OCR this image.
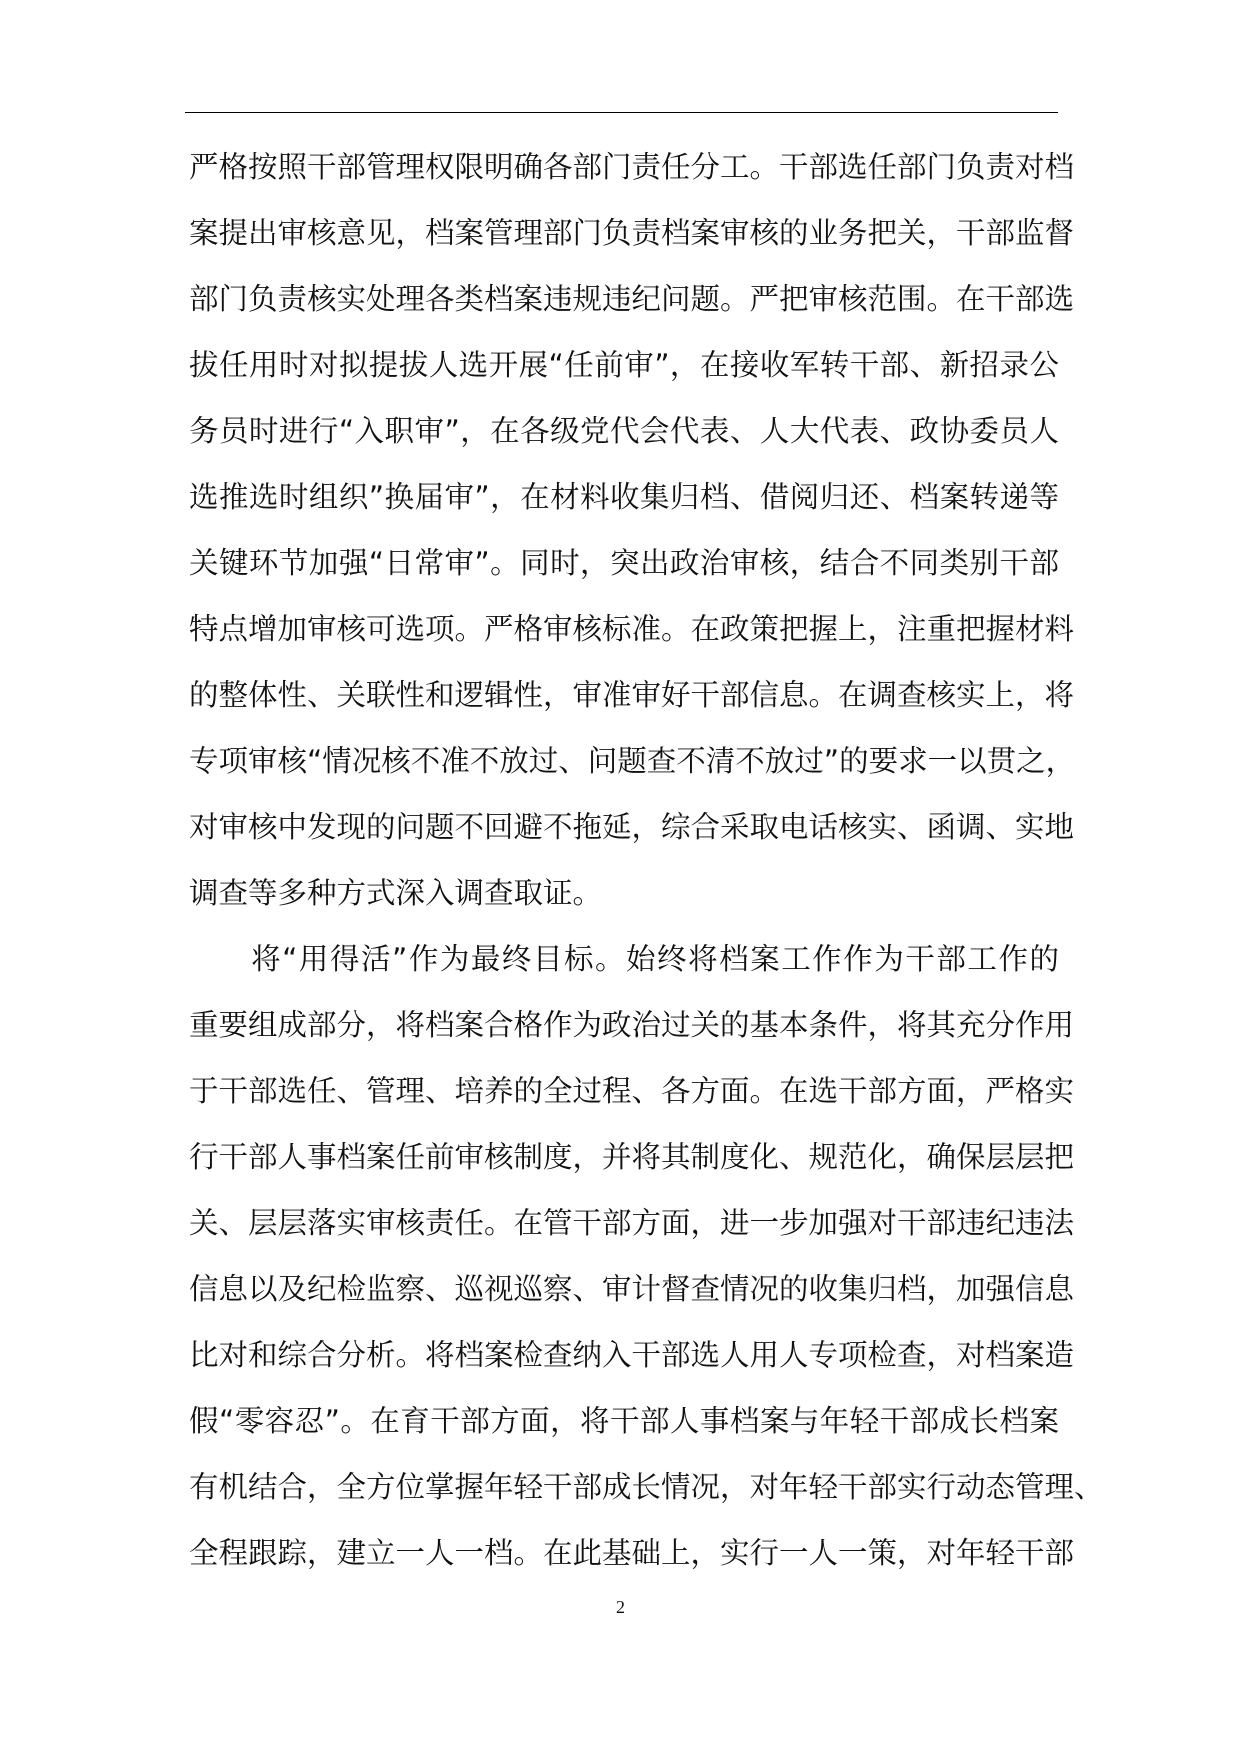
严格按照干部管理权限明确各部门责任分工。干部选任部门负责对档

案提出审核意见，档案管理部门负责档案审核的业务把关，干部监督

部门负责核实处理各类档案违规违纪问题。严把审核范围。在干部选

拔任用时对拟提拔人选开展“任前审”，在接收军转干部、新招录公

务员时进行“入职审”，在各级党代会代表、人大代表、政协委员人

选推选时组织”换届审”，在材料收集归档、借阅归还、档案转递等

关键环节加强“日常审”。同时，突出政治审核，结合不同类别干部

特点增加审核可选项。严格审核标准。在政策把握上，注重把握材料

的整体性、关联性和逻辑性，审准审好干部信息。在调查核实上，将

专项审核“情况核不准不放过、问题查不清不放过”的要求一以贯之，

对审核中发现的问题不回避不拖延，综合采取电话核实、函调、实地

调查等多种方式深入调查取证。

　　将“用得活”作为最终目标。始终将档案工作作为干部工作的

重要组成部分，将档案合格作为政治过关的基本条件，将其充分作用

于干部选任、管理、培养的全过程、各方面。在选干部方面，严格实

行干部人事档案任前审核制度，并将其制度化、规范化，确保层层把

关、层层落实审核责任。在管干部方面，进一步加强对干部违纪违法

信息以及纪检监察、巡视巡察、审计督查情况的收集归档，加强信息

比对和综合分析。将档案检查纳入干部选人用人专项检查，对档案造

假“零容忍”。在育干部方面，将干部人事档案与年轻干部成长档案

有机结合，全方位掌握年轻干部成长情况，对年轻干部实行动态管理、

全程跟踪，建立一人一档。在此基础上，实行一人一策，对年轻干部

2
